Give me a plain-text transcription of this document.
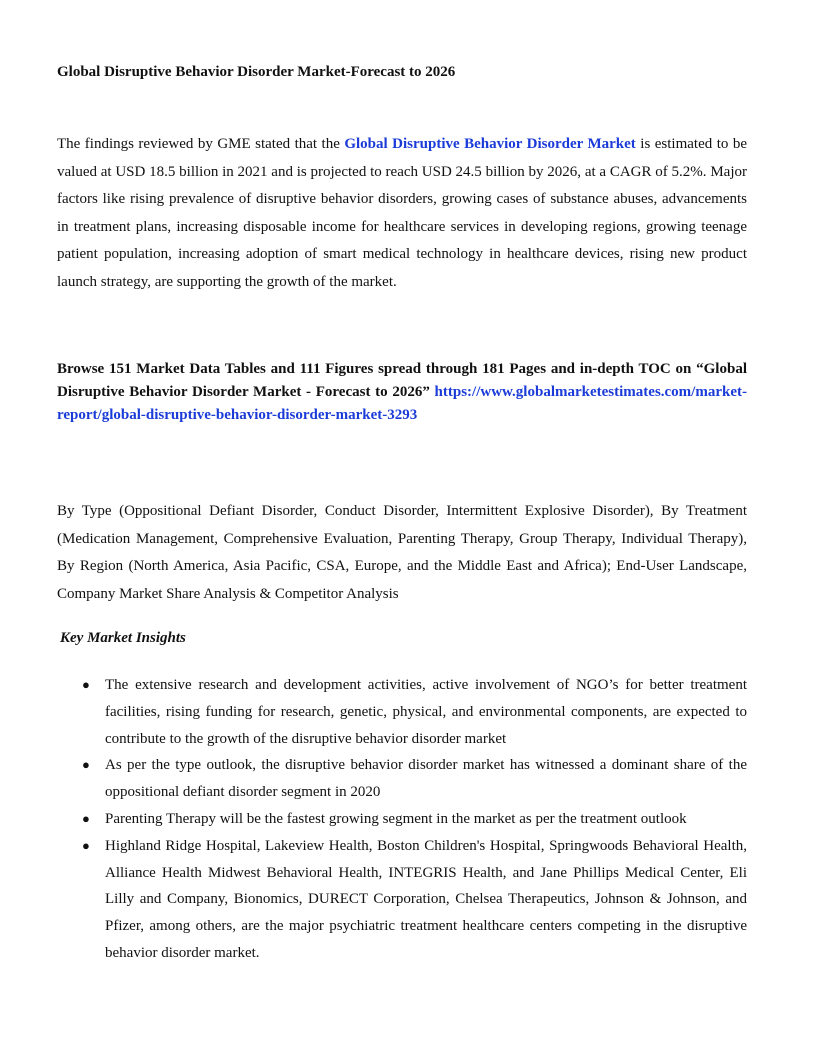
Global Disruptive Behavior Disorder Market-Forecast to 2026

The findings reviewed by GME stated that the Global Disruptive Behavior Disorder Market is estimated to be valued at USD 18.5 billion in 2021 and is projected to reach USD 24.5 billion by 2026, at a CAGR of 5.2%. Major factors like rising prevalence of disruptive behavior disorders, growing cases of substance abuses, advancements in treatment plans, increasing disposable income for healthcare services in developing regions, growing teenage patient population, increasing adoption of smart medical technology in healthcare devices, rising new product launch strategy, are supporting the growth of the market.

Browse 151 Market Data Tables and 111 Figures spread through 181 Pages and in-depth TOC on “Global Disruptive Behavior Disorder Market - Forecast to 2026” https://www.globalmarketestimates.com/market-report/global-disruptive-behavior-disorder-market-3293

By Type (Oppositional Defiant Disorder, Conduct Disorder, Intermittent Explosive Disorder), By Treatment (Medication Management, Comprehensive Evaluation, Parenting Therapy, Group Therapy, Individual Therapy), By Region (North America, Asia Pacific, CSA, Europe, and the Middle East and Africa); End-User Landscape, Company Market Share Analysis & Competitor Analysis

Key Market Insights
● The extensive research and development activities, active involvement of NGO’s for better treatment facilities, rising funding for research, genetic, physical, and environmental components, are expected to contribute to the growth of the disruptive behavior disorder market
● As per the type outlook, the disruptive behavior disorder market has witnessed a dominant share of the oppositional defiant disorder segment in 2020
● Parenting Therapy will be the fastest growing segment in the market as per the treatment outlook
● Highland Ridge Hospital, Lakeview Health, Boston Children's Hospital, Springwoods Behavioral Health, Alliance Health Midwest Behavioral Health, INTEGRIS Health, and Jane Phillips Medical Center, Eli Lilly and Company, Bionomics, DURECT Corporation, Chelsea Therapeutics, Johnson & Johnson, and Pfizer, among others, are the major psychiatric treatment healthcare centers competing in the disruptive behavior disorder market.
